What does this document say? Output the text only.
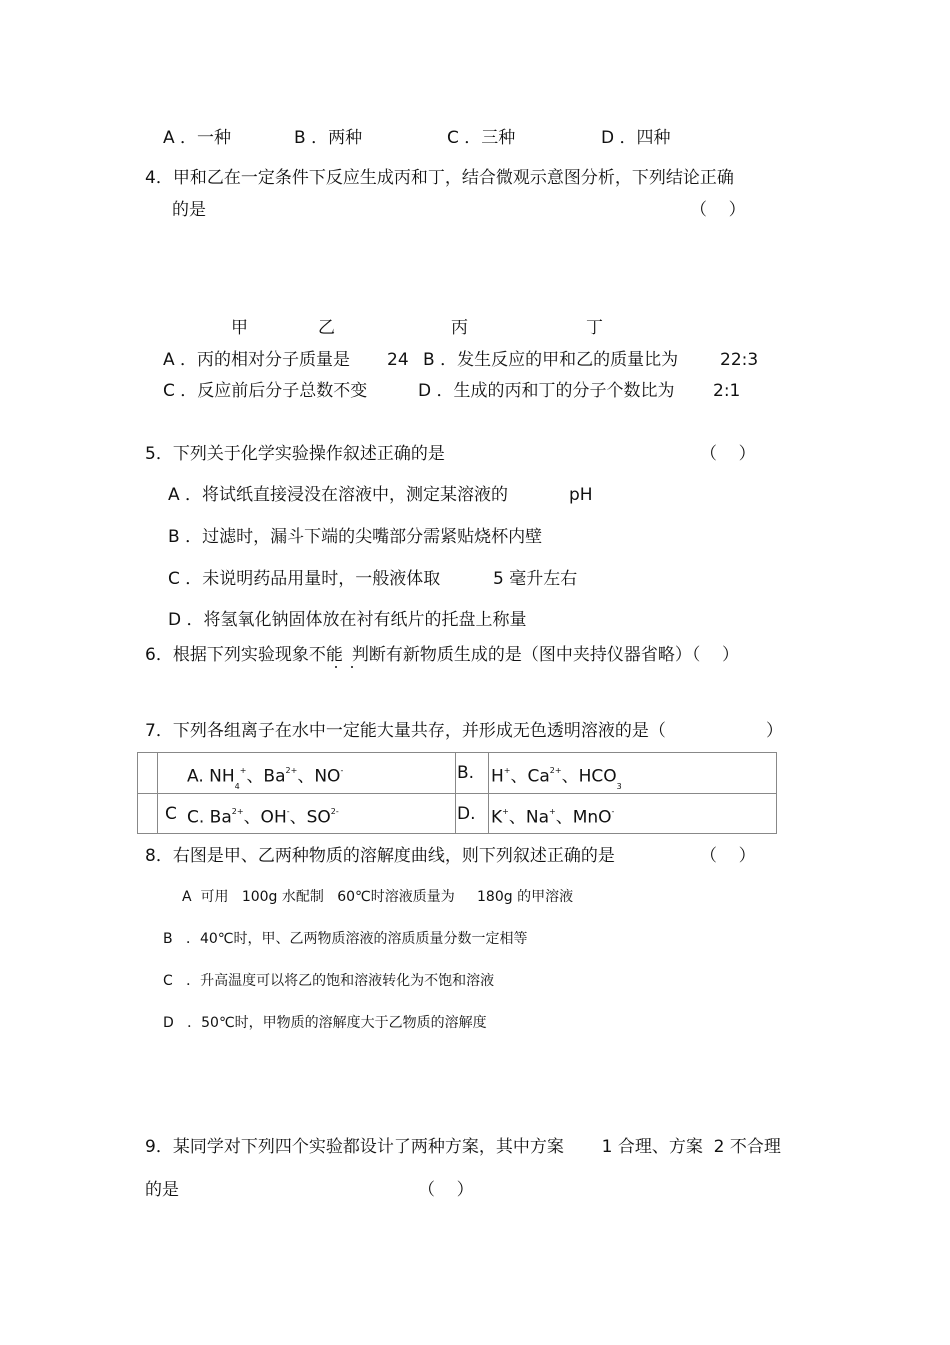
A ．一种	B ．两种	C ．三种	D ．四种
4．甲和乙在一定条件下反应生成丙和丁，结合微观示意图分析，下列结论正确
的是	（    ）
甲	乙	丙	丁
A ．丙的相对分子质量是 24 B ．发生反应的甲和乙的质量比为 22:3
C ．反应前后分子总数不变	D ．生成的丙和丁的分子个数比为 2:1
5．下列关于化学实验操作叙述正确的是	（    ）
A ．将试纸直接浸没在溶液中，测定某溶液的	pH
B ．过滤时，漏斗下端的尖嘴部分需紧贴烧杯内壁
C ．未说明药品用量时，一般液体取	5 毫升左右
D ．将氢氧化钠固体放在衬有纸片的托盘上称量
6．根据下列实验现象不能 判断有新物质生成的是（图中夹持仪器省略）（    ）
7．下列各组离子在水中一定能大量共存，并形成无色透明溶液的是（	）
A. $NH_4^+$、$Ba^{2+}$、NO-	B. H+、$Ca^{2+}$、$HCO_3$
C C. $Ba^{2+}$、OH-、$SO^{2-}$	D. K+、Na+、MnO-
8．右图是甲、乙两种物质的溶解度曲线，则下列叙述正确的是	（    ）
A  可用   100g 水配制   60℃时溶液质量为     180g 的甲溶液
B   ．40℃时，甲、乙两物质溶液的溶质质量分数一定相等
C   ．升高温度可以将乙的饱和溶液转化为不饱和溶液
D   ．50℃时，甲物质的溶解度大于乙物质的溶解度
9．某同学对下列四个实验都设计了两种方案，其中方案       1 合理、方案  2 不合理
的是	（    ）
